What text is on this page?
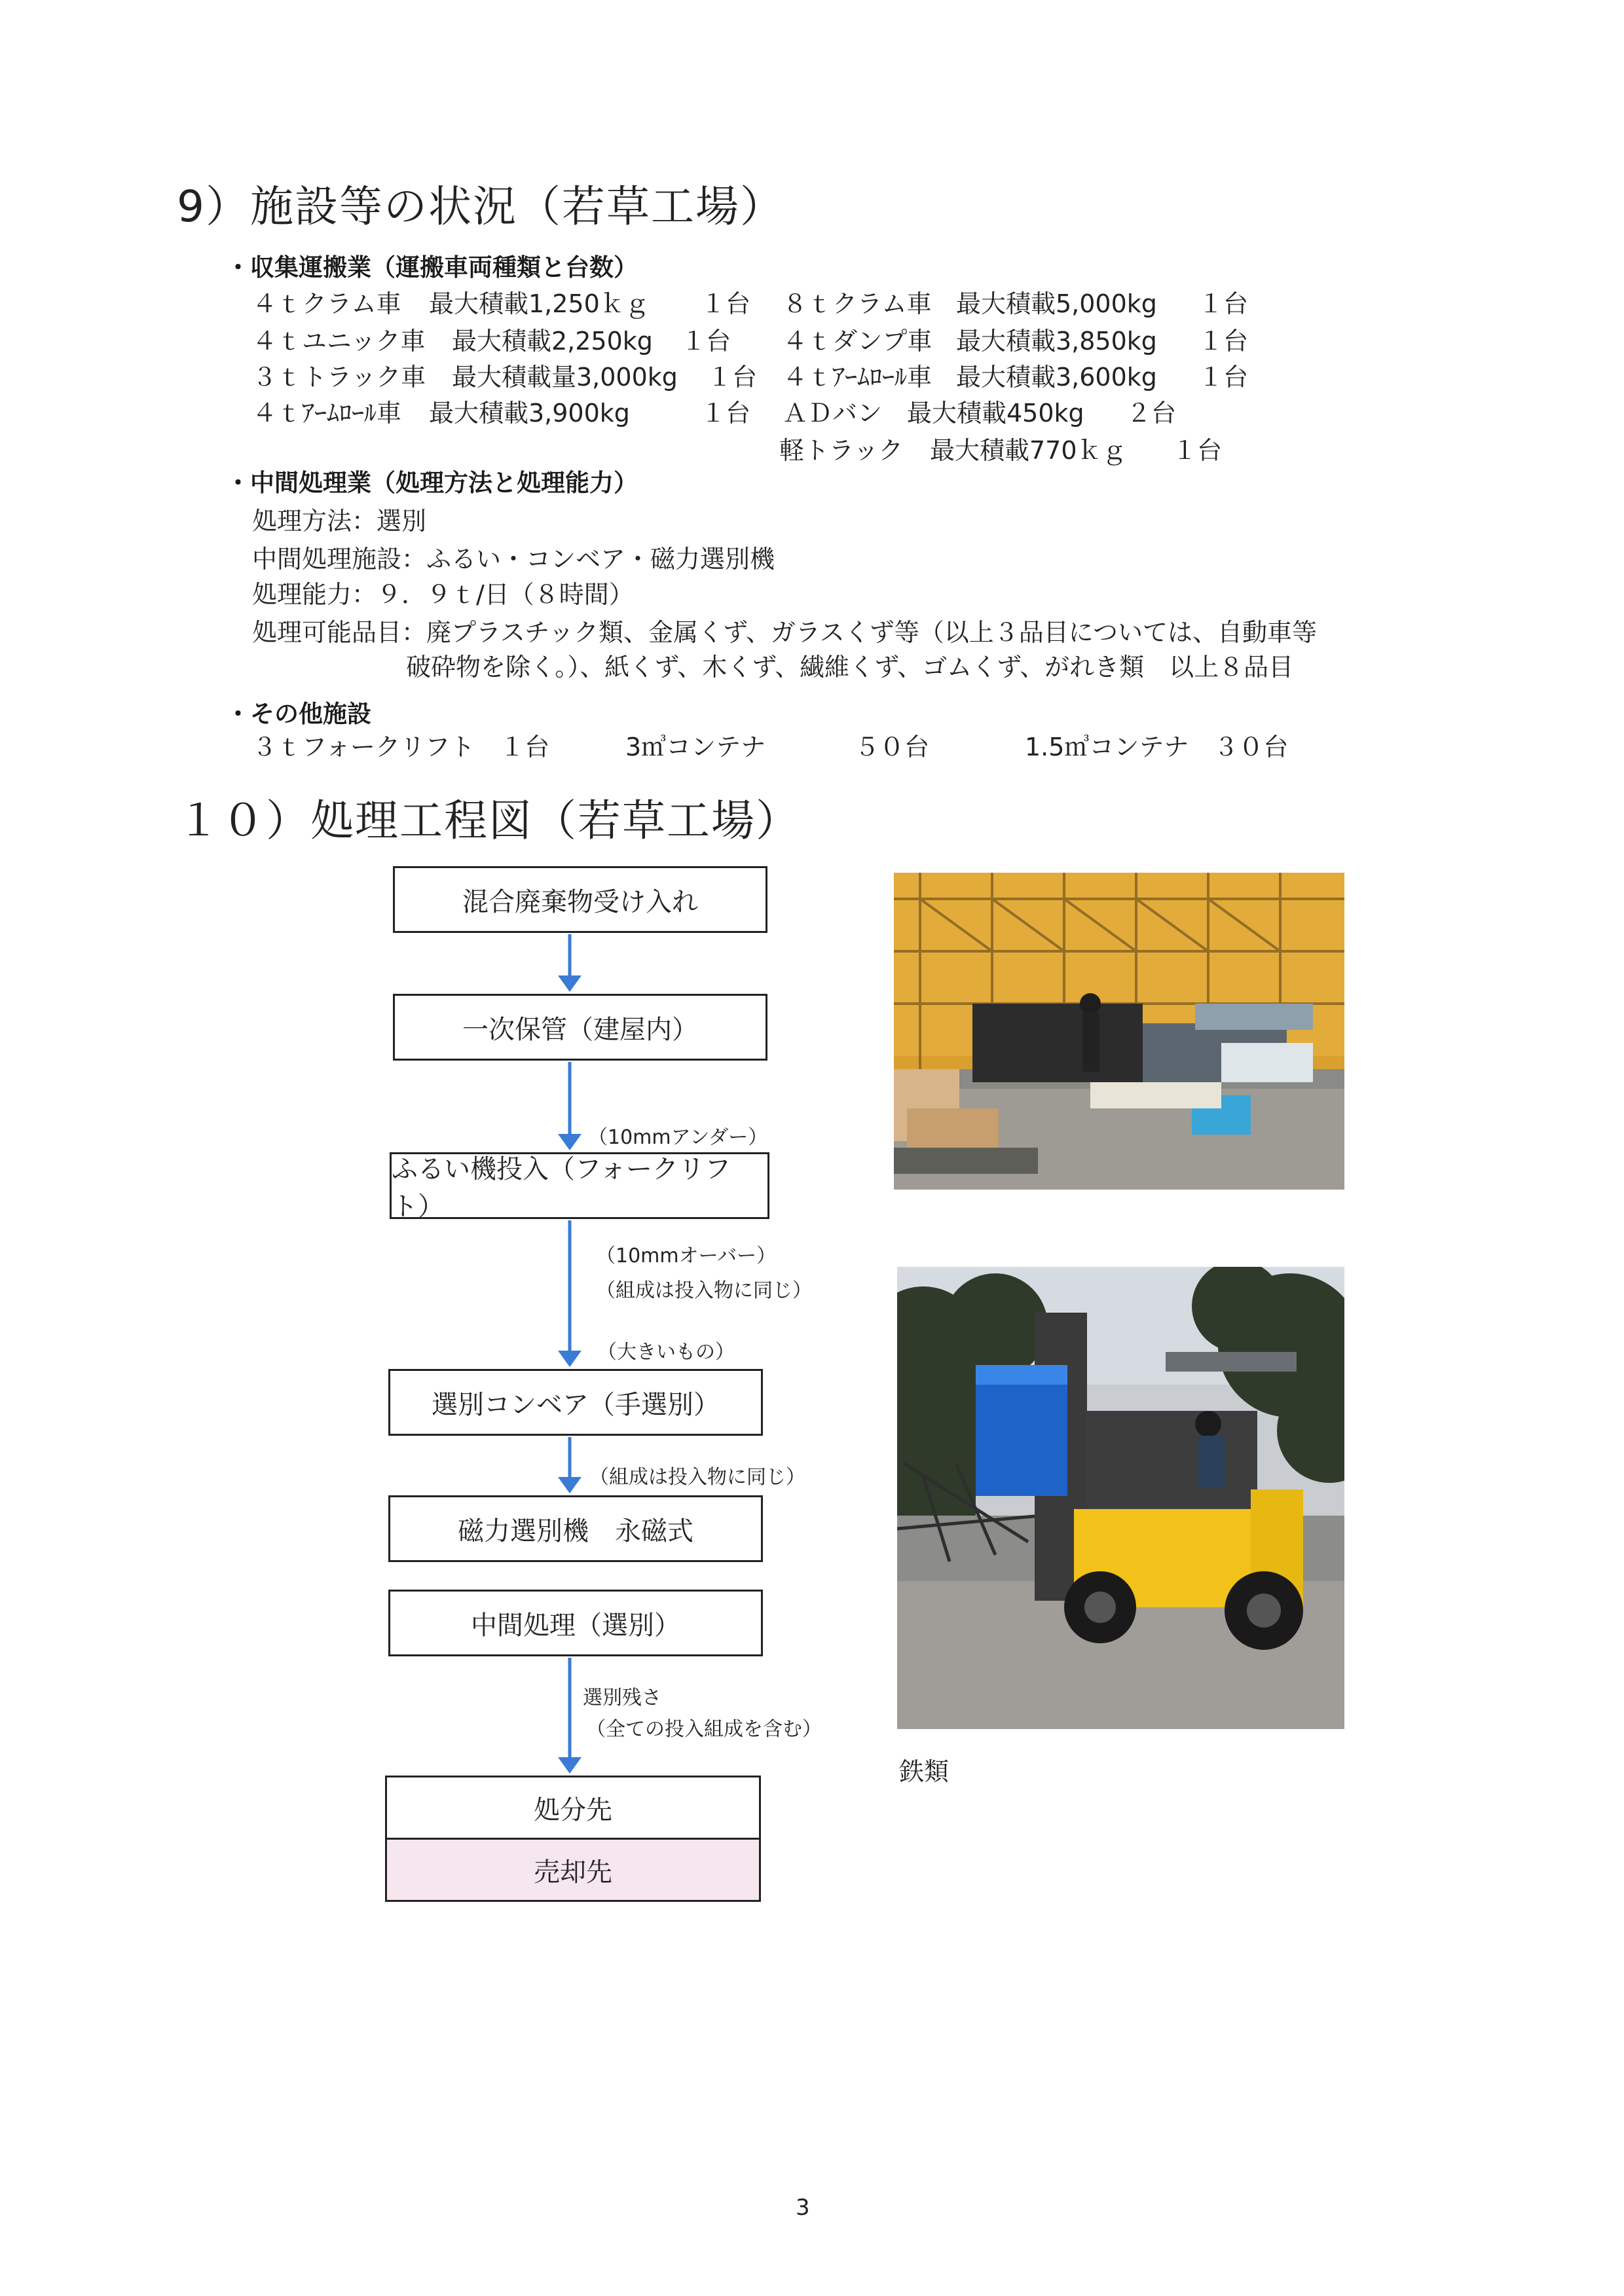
9）施設等の状況（若草工場）
・収集運搬業（運搬車両種類と台数）
４ｔクラム車 最大積載1,250ｋｇ １台 ８ｔクラム車 最大積載5,000kg １台
４ｔユニック車 最大積載2,250kg １台 ４ｔダンプ車 最大積載3,850kg １台
３ｔトラック車 最大積載量3,000kg １台 ４ｔｱｰﾑﾛｰﾙ車 最大積載3,600kg １台
４ｔｱｰﾑﾛｰﾙ車 最大積載3,900kg	１台 ＡＤバン 最大積載450kg ２台
軽トラック 最大積載770ｋｇ １台
・中間処理業（処理方法と処理能力）
処理方法：選別
中間処理施設：ふるい・コンベア・磁力選別機
処理能力：９．９ｔ/日（８時間）
処理可能品目：廃プラスチック類、金属くず、ガラスくず等（以上３品目については、自動車等
破砕物を除く。）、紙くず、木くず、繊維くず、ゴムくず、がれき類　以上８品目
・その他施設
３ｔフォークリフト　１台	3㎥コンテナ	５０台	1.5㎥コンテナ　３０台
１０）処理工程図（若草工場）
混合廃棄物受け入れ
一次保管（建屋内）
ふるい機投入（フォークリフト）
選別コンベア（手選別）
磁力選別機　永磁式
中間処理（選別）
処分先
売却先
（10mmアンダー）
（10mmオーバー）
（組成は投入物に同じ）
（大きいもの）
（組成は投入物に同じ）
選別残さ
（全ての投入組成を含む）
鉄類
3
